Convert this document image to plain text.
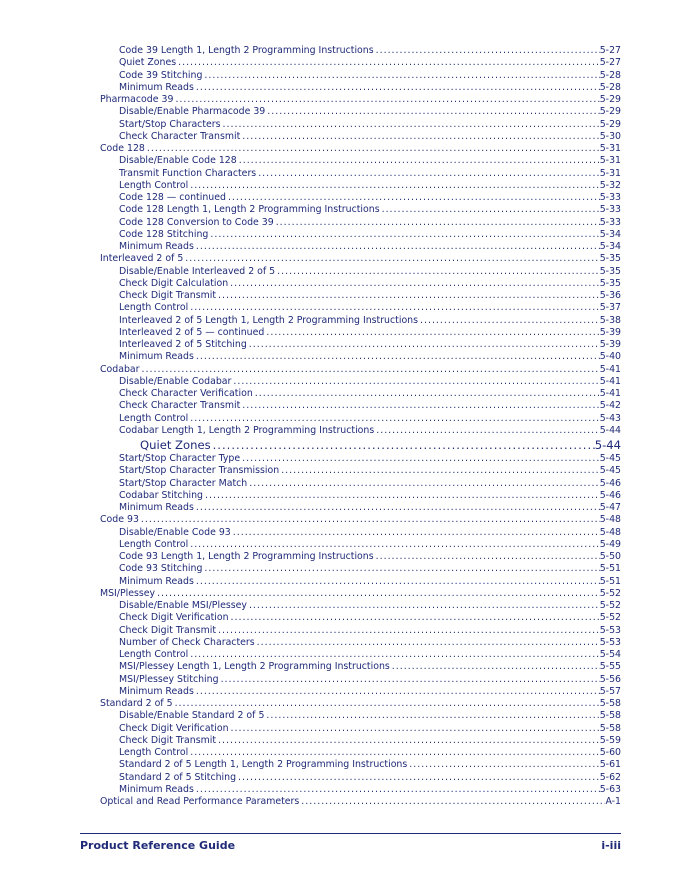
Code 39 Length 1, Length 2 Programming Instructions .....	5-27
Quiet Zones .....	5-27
Code 39 Stitching .....	5-28
Minimum Reads .....	5-28
Pharmacode 39 .....	5-29
Disable/Enable Pharmacode 39 .....	5-29
Start/Stop Characters .....	5-29
Check Character Transmit .....	5-30
Code 128 .....	5-31
Disable/Enable Code 128 .....	5-31
Transmit Function Characters .....	5-31
Length Control .....	5-32
Code 128 — continued .....	5-33
Code 128 Length 1, Length 2 Programming Instructions .....	5-33
Code 128 Conversion to Code 39 .....	5-33
Code 128 Stitching .....	5-34
Minimum Reads .....	5-34
Interleaved 2 of 5 .....	5-35
Disable/Enable Interleaved 2 of 5 .....	5-35
Check Digit Calculation .....	5-35
Check Digit Transmit .....	5-36
Length Control .....	5-37
Interleaved 2 of 5 Length 1, Length 2 Programming Instructions .....	5-38
Interleaved 2 of 5 — continued .....	5-39
Interleaved 2 of 5 Stitching .....	5-39
Minimum Reads .....	5-40
Codabar .....	5-41
Disable/Enable Codabar .....	5-41
Check Character Verification .....	5-41
Check Character Transmit .....	5-42
Length Control .....	5-43
Codabar Length 1, Length 2 Programming Instructions .....	5-44
Quiet Zones .....	5-44
Start/Stop Character Type .....	5-45
Start/Stop Character Transmission .....	5-45
Start/Stop Character Match .....	5-46
Codabar Stitching .....	5-46
Minimum Reads .....	5-47
Code 93 .....	5-48
Disable/Enable Code 93 .....	5-48
Length Control .....	5-49
Code 93 Length 1, Length 2 Programming Instructions .....	5-50
Code 93 Stitching .....	5-51
Minimum Reads .....	5-51
MSI/Plessey .....	5-52
Disable/Enable MSI/Plessey .....	5-52
Check Digit Verification .....	5-52
Check Digit Transmit .....	5-53
Number of Check Characters .....	5-53
Length Control .....	5-54
MSI/Plessey Length 1, Length 2 Programming Instructions .....	5-55
MSI/Plessey Stitching .....	5-56
Minimum Reads .....	5-57
Standard 2 of 5 .....	5-58
Disable/Enable Standard 2 of 5 .....	5-58
Check Digit Verification .....	5-58
Check Digit Transmit .....	5-59
Length Control .....	5-60
Standard 2 of 5 Length 1, Length 2 Programming Instructions .....	5-61
Standard 2 of 5 Stitching .....	5-62
Minimum Reads .....	5-63
Optical and Read Performance Parameters .....	A-1
Product Reference Guide	i-iii
